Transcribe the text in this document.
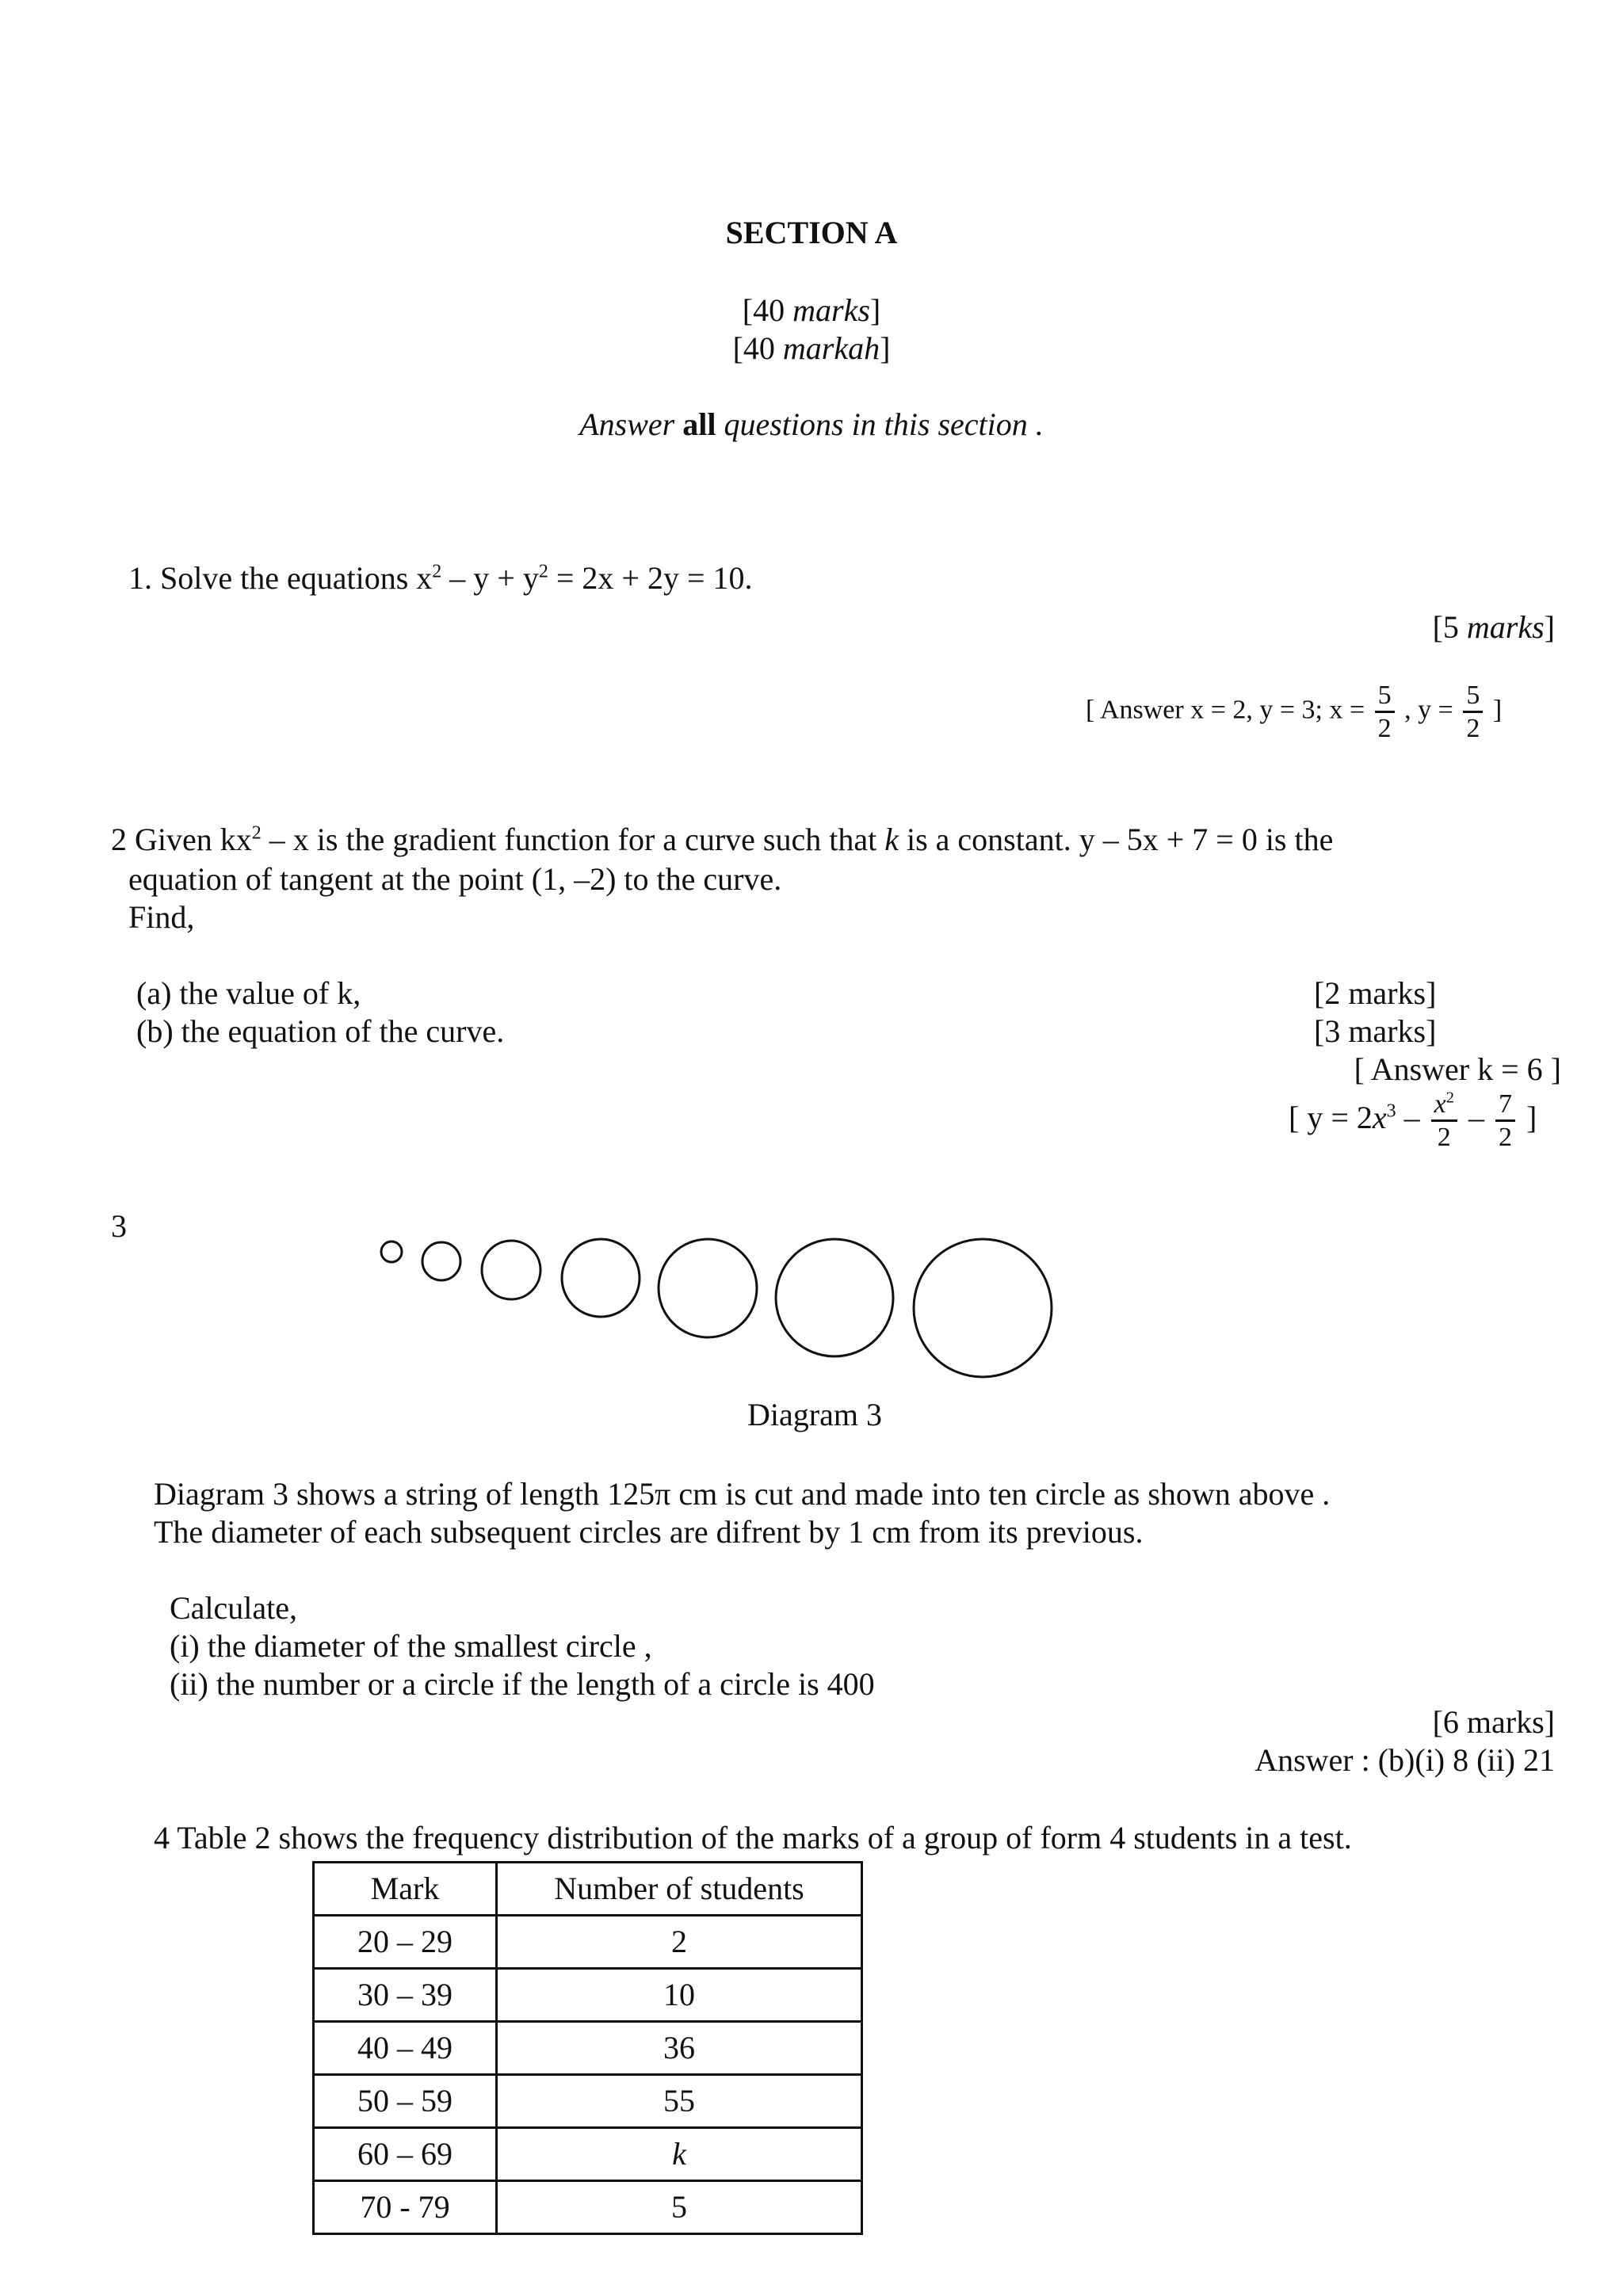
SECTION A
[40 marks]
[40 markah]
Answer all questions in this section .
1. Solve the equations $x^2 - y + y^2 = 2x + 2y = 10$.
[5 marks]
[ Answer x = 2, y = 3; $x = \frac{5}{2}$ , $y = \frac{5}{2}$ ]
2 Given $kx^2$ – x is the gradient function for a curve such that k is a constant. y – 5x + 7 = 0 is the
equation of tangent at the point (1, –2) to the curve.
Find,
(a) the value of k,
(b) the equation of the curve.
[2 marks]
[3 marks]
[ Answer k = 6 ]
[ $y = 2x^3 - \frac{x^2}{2} - \frac{7}{2}$ ]
3
Diagram 3
Diagram 3 shows a string of length 125π cm is cut and made into ten circle as shown above .
The diameter of each subsequent circles are difrent by 1 cm from its previous.
Calculate,
(i) the diameter of the smallest circle ,
(ii) the number or a circle if the length of a circle is 400
[6 marks]
Answer : (b)(i) 8 (ii) 21
4 Table 2 shows the frequency distribution of the marks of a group of form 4 students in a test.
Mark	Number of students
20 – 29	2
30 – 39	10
40 – 49	36
50 – 59	55
60 – 69	k
70 - 79	5
